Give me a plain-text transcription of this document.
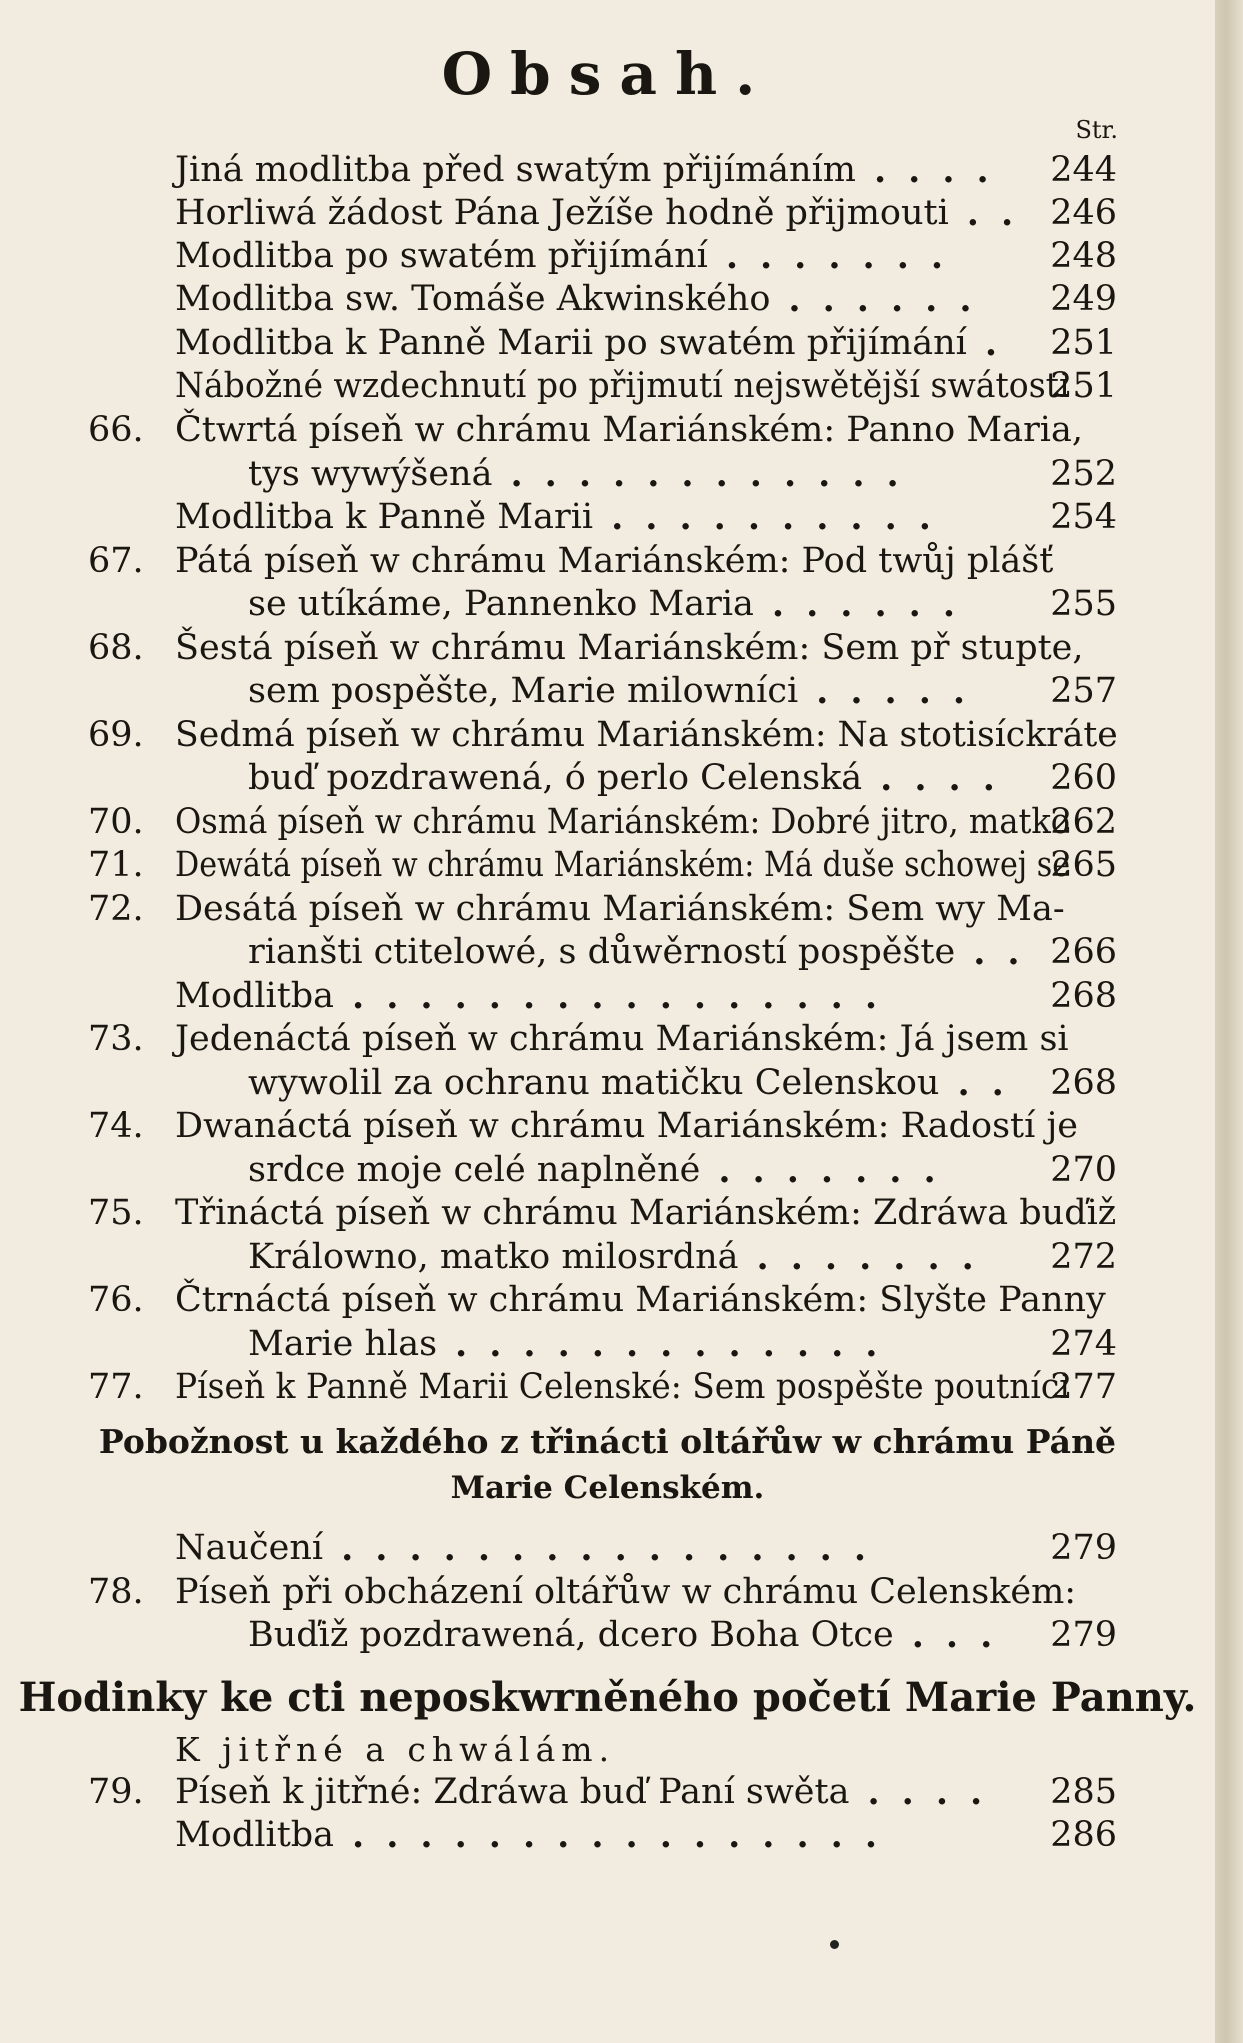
Obsah.
Str.
Jiná modlitba před swatým přijímáním	244
....
Horliwá žádost Pána Ježíše hodně přijmouti	246
..
Modlitba po swatém přijímání	248
.......
Modlitba sw. Tomáše Akwinského	249
......
Modlitba k Panně Marii po swatém přijímání 251
.
Nábožné wzdechnutí po přijmutí nejswětější swátosti
251
66. Čtwrtá píseň w chrámu Mariánském: Panno Maria,
tys wywýšená	252
............
Modlitba k Panně Marii	254
..........
67. Pátá píseň w chrámu Mariánském: Pod twůj plášť
se utíkáme, Pannenko Maria	255
......
68. Šestá píseň w chrámu Mariánském: Sem př stupte,
sem pospěšte, Marie milowníci	257
.....
69. Sedmá píseň w chrámu Mariánském: Na stotisíckráte
buď pozdrawená, ó perlo Celenská	260
....
70. Osmá píseň w chrámu Mariánském: Dobré jitro, matko
262
71. Dewátá píseň w chrámu Mariánském: Má duše schowej se
265
72. Desátá píseň w chrámu Mariánském: Sem wy Ma-
rianšti ctitelowé, s důwěrností pospěšte	266
..
Modlitba	268
................
73. Jedenáctá píseň w chrámu Mariánském: Já jsem si
wywolil za ochranu matičku Celenskou	268
..
74. Dwanáctá píseň w chrámu Mariánském: Radostí je
srdce moje celé naplněné	270
.......
75. Třináctá píseň w chrámu Mariánském: Zdráwa buďiž
Králowno, matko milosrdná	272
.......
76. Čtrnáctá píseň w chrámu Mariánském: Slyšte Panny
Marie hlas	274
.............
77. Píseň k Panně Marii Celenské: Sem pospěšte poutníci
277
Naučení	279
................
78. Píseň při obcházení oltářůw w chrámu Celenském:
Buďiž pozdrawená, dcero Boha Otce	279
...
79. Píseň k jitřné: Zdráwa buď Paní swěta	285
....
Modlitba	286
................
Pobožnost u každého z třinácti oltářůw w chrámu Páně
Marie Celenském.
Hodinky ke cti neposkwrněného početí Marie Panny.
K jitřné a chwálám.
